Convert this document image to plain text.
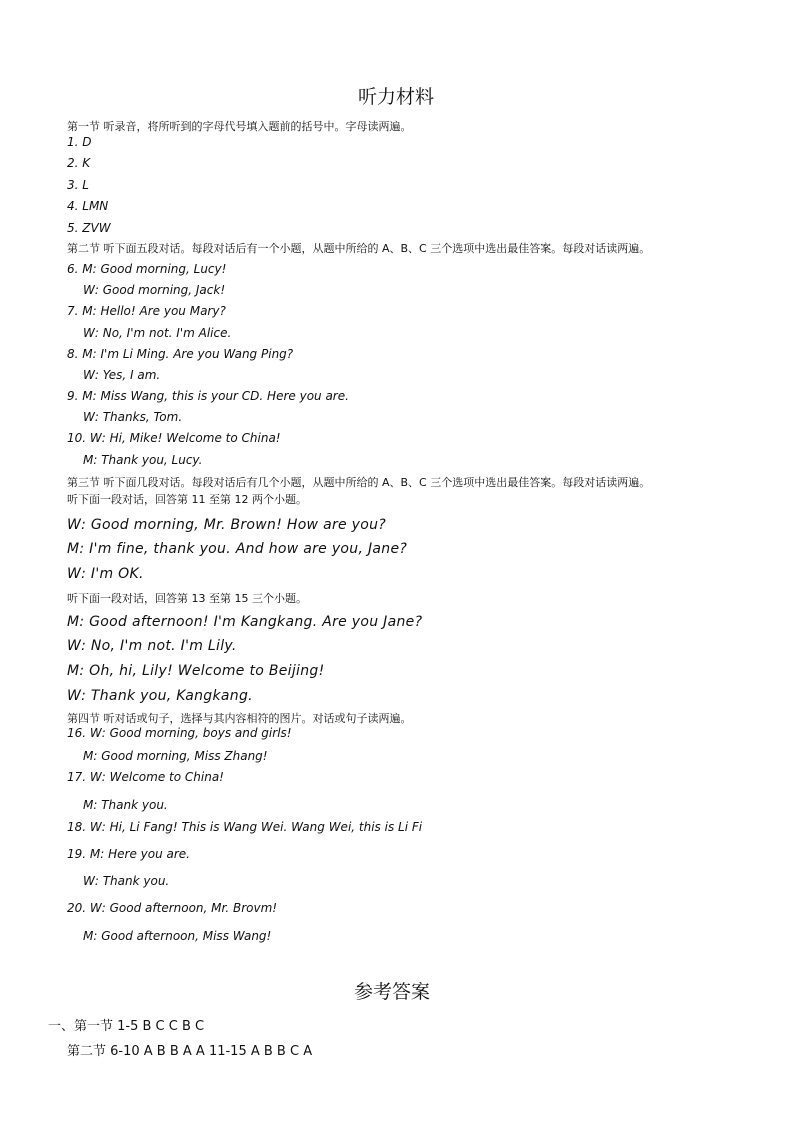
听力材料
第一节 听录音，将所听到的字母代号填入题前的括号中。字母读两遍。
1. D
2. K
3. L
4. LMN
5. ZVW
第二节 听下面五段对话。每段对话后有一个小题，从题中所给的 A、B、C 三个选项中选出最佳答案。每段对话读两遍。
6. M: Good morning, Lucy!
W: Good morning, Jack!
7. M: Hello! Are you Mary?
W: No, I'm not. I'm Alice.
8. M: I'm Li Ming. Are you Wang Ping?
W: Yes, I am.
9. M: Miss Wang, this is your CD. Here you are.
W: Thanks, Tom.
10. W: Hi, Mike! Welcome to China!
M: Thank you, Lucy.
第三节 听下面几段对话。每段对话后有几个小题，从题中所给的 A、B、C 三个选项中选出最佳答案。每段对话读两遍。
听下面一段对话，回答第 11 至第 12 两个小题。
W: Good morning, Mr. Brown! How are you?
M: I'm fine, thank you. And how are you, Jane?
W: I'm OK.
听下面一段对话，回答第 13 至第 15 三个小题。
M: Good afternoon! I'm Kangkang. Are you Jane?
W: No, I'm not. I'm Lily.
M: Oh, hi, Lily! Welcome to Beijing!
W: Thank you, Kangkang.
第四节 听对话或句子，选择与其内容相符的图片。对话或句子读两遍。
16. W: Good morning, boys and girls!
M: Good morning, Miss Zhang!
17. W: Welcome to China!
M: Thank you.
18. W: Hi, Li Fang! This is Wang Wei. Wang Wei, this is Li Fi
19. M: Here you are.
W: Thank you.
20. W: Good afternoon, Mr. Brovm!
M: Good afternoon, Miss Wang!
参考答案
一、第一节 1-5 B C C B C
第二节 6-10 A B B A A 11-15 A B B C A
